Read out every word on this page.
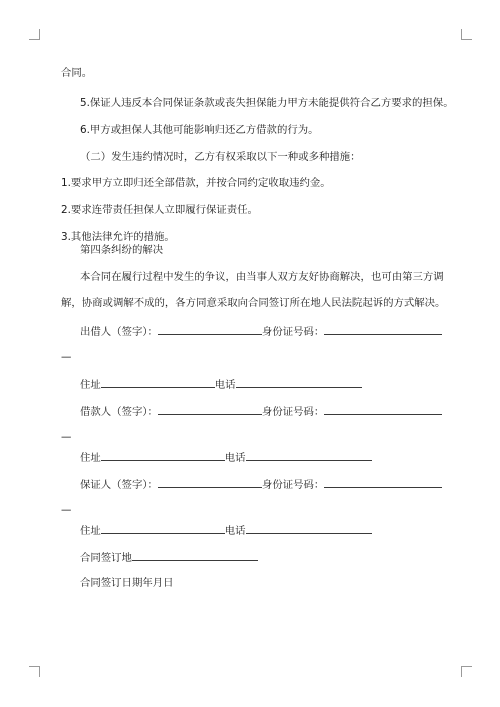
合同。
5.保证人违反本合同保证条款或丧失担保能力甲方未能提供符合乙方要求的担保。
6.甲方或担保人其他可能影响归还乙方借款的行为。
（二）发生违约情况时，乙方有权采取以下一种或多种措施：
1.要求甲方立即归还全部借款，并按合同约定收取违约金。
2.要求连带责任担保人立即履行保证责任。
3.其他法律允许的措施。
第四条纠纷的解决
本合同在履行过程中发生的争议，由当事人双方友好协商解决，也可由第三方调
解，协商或调解不成的，各方同意采取向合同签订所在地人民法院起诉的方式解决。
出借人（签字）：	身份证号码：
—
住址	电话
借款人（签字）：	身份证号码：
—
住址	电话
保证人（签字）：	身份证号码：
—
住址	电话
合同签订地
合同签订日期年月日
